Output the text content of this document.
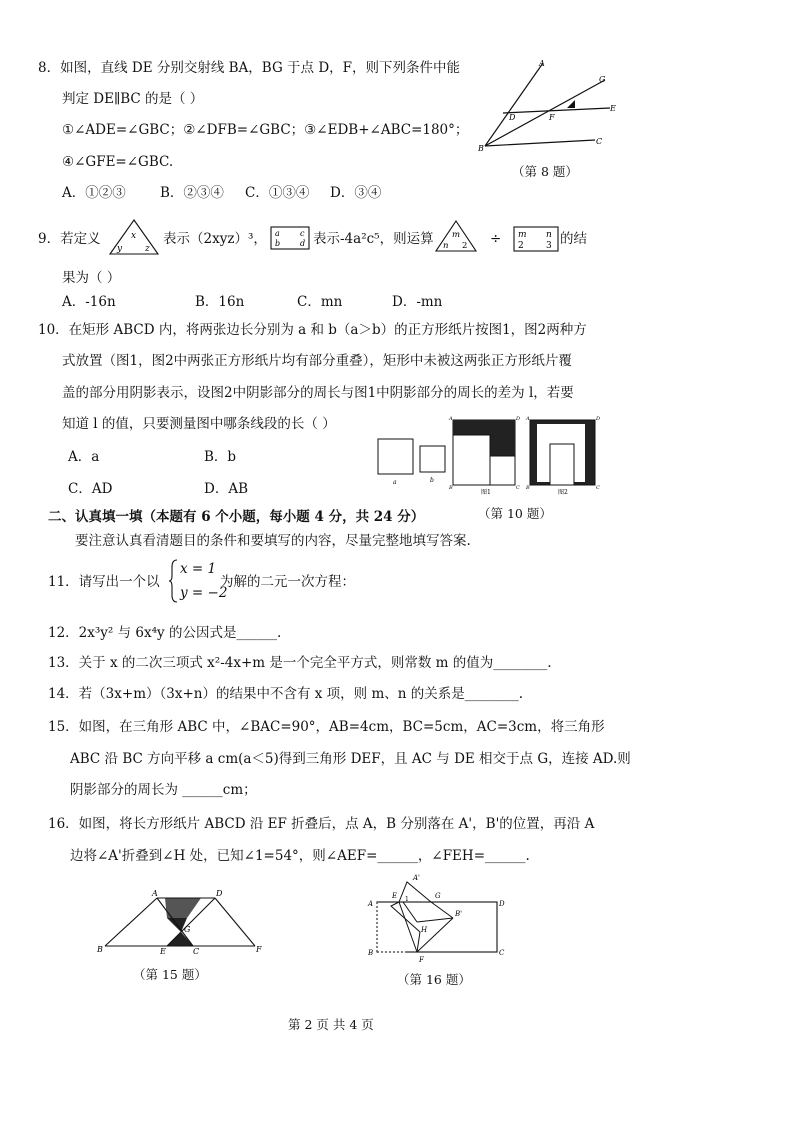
8．如图，直线 DE 分别交射线 BA，BG 于点 D，F，则下列条件中能
判定 DE∥BC 的是（ ）
①∠ADE=∠GBC；②∠DFB=∠GBC；③∠EDB+∠ABC=180°；
④∠GFE=∠GBC.
A．①②③	B．②③④ C．①③④ D．③④
A
G
E
D	F
B
C
（第 8 题）
9．若定义	x
y	z
表示（2xyz）³， a	c
b d 表示-4a²c⁵，则运算 m
n 2 ÷ m n
2 3 的结
果为（ ）
A．-16n	B．16n	C．mn	D．-mn
10．在矩形 ABCD 内，将两张边长分别为 a 和 b（a＞b）的正方形纸片按图1，图2两种方
式放置（图1，图2中两张正方形纸片均有部分重叠），矩形中未被这两张正方形纸片覆
盖的部分用阴影表示，设图2中阴影部分的周长与图1中阴影部分的周长的差为 l，若要
知道 l 的值，只要测量图中哪条线段的长（ ）
A．a	B．b
C．AD	D．AB	a	b
图1
A	D
B	C
图2
A	D
B	C
（第 10 题）
二、认真填一填（本题有 6 个小题，每小题 4 分，共 24 分）
要注意认真看清题目的条件和要填写的内容，尽量完整地填写答案.
11．请写出一个以
x = 1
y = −2
为解的二元一次方程：
12．2x³y² 与 6x⁴y 的公因式是______.
13．关于 x 的二次三项式 x²-4x+m 是一个完全平方式，则常数 m 的值为________.
14．若（3x+m）（3x+n）的结果中不含有 x 项，则 m、n 的关系是________.
15．如图，在三角形 ABC 中，∠BAC=90°，AB=4cm，BC=5cm，AC=3cm，将三角形
ABC 沿 BC 方向平移 a cm(a＜5)得到三角形 DEF，且 AC 与 DE 相交于点 G，连接 AD.则
阴影部分的周长为 ______cm；
16．如图，将长方形纸片 ABCD 沿 EF 折叠后，点 A，B 分别落在 A'，B'的位置，再沿 A
边将∠A'折叠到∠H 处，已知∠1=54°，则∠AEF=______，∠FEH=______.
A	D
G
B	E	C	F
（第 15 题）
A
A'
E 1	G
B'
D
H
B
F
C
（第 16 题）
第 2 页 共 4 页
